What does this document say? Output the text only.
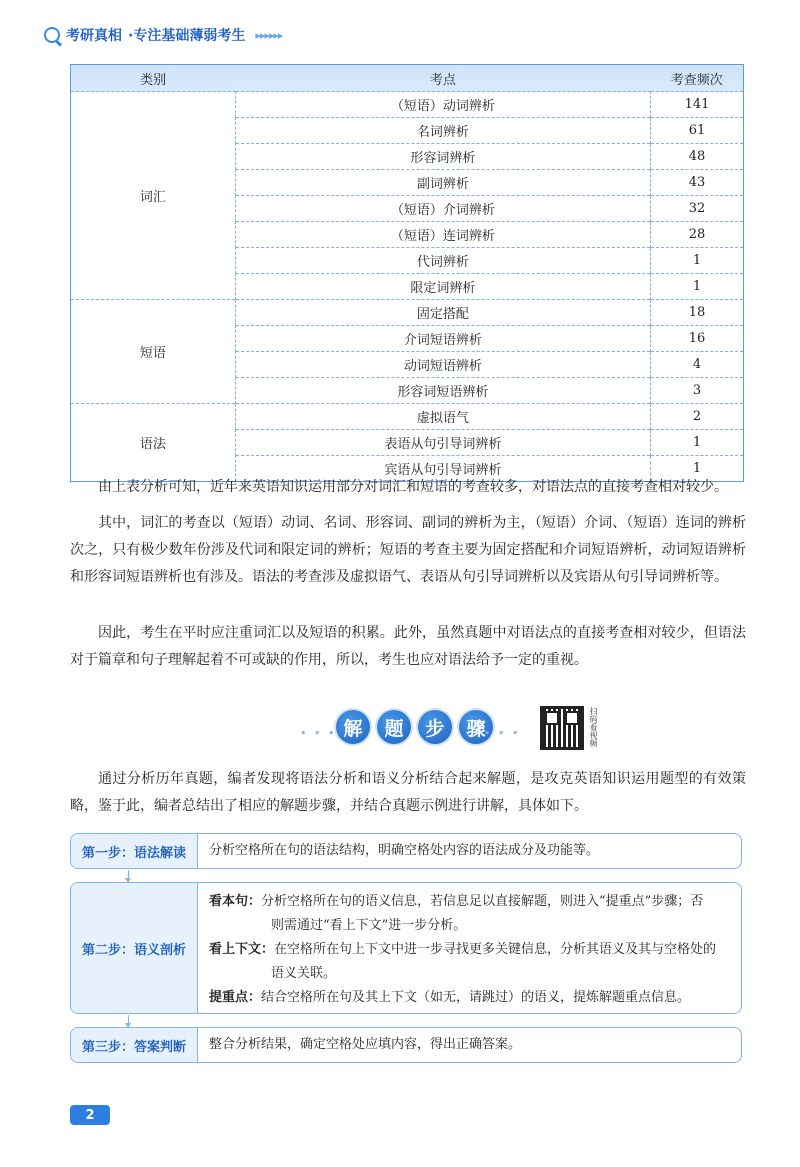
考研真相 ·专注基础薄弱考生 ▸▸▸▸▸▸
类别	考点	考查频次
词汇	（短语）动词辨析	141
	名词辨析	61
	形容词辨析	48
	副词辨析	43
	（短语）介词辨析	32
	（短语）连词辨析	28
	代词辨析	1
	限定词辨析	1
短语	固定搭配	18
	介词短语辨析	16
	动词短语辨析	4
	形容词短语辨析	3
语法	虚拟语气	2
	表语从句引导词辨析	1
	宾语从句引导词辨析	1

由上表分析可知，近年来英语知识运用部分对词汇和短语的考查较多，对语法点的直接考查相对较少。

其中，词汇的考查以（短语）动词、名词、形容词、副词的辨析为主，（短语）介词、（短语）连词的辨析次之，只有极少数年份涉及代词和限定词的辨析；短语的考查主要为固定搭配和介词短语辨析，动词短语辨析和形容词短语辨析也有涉及。语法的考查涉及虚拟语气、表语从句引导词辨析以及宾语从句引导词辨析等。

因此，考生在平时应注重词汇以及短语的积累。此外，虽然真题中对语法点的直接考查相对较少，但语法对于篇章和句子理解起着不可或缺的作用，所以，考生也应对语法给予一定的重视。

• • • 解	题	步	骤
• • •	扫码看视频

通过分析历年真题，编者发现将语法分析和语义分析结合起来解题，是攻克英语知识运用题型的有效策略，鉴于此，编者总结出了相应的解题步骤，并结合真题示例进行讲解，具体如下。

第一步：语法解读	分析空格所在句的语法结构，明确空格处内容的语法成分及功能等。
第二步：语义剖析
看本句：分析空格所在句的语义信息，若信息足以直接解题，则进入“提重点”步骤；否
则需通过“看上下文”进一步分析。
看上下文：在空格所在句上下文中进一步寻找更多关键信息，分析其语义及其与空格处的
语义关联。
提重点：结合空格所在句及其上下文（如无，请跳过）的语义，提炼解题重点信息。
第三步：答案判断	整合分析结果，确定空格处应填内容，得出正确答案。
2
